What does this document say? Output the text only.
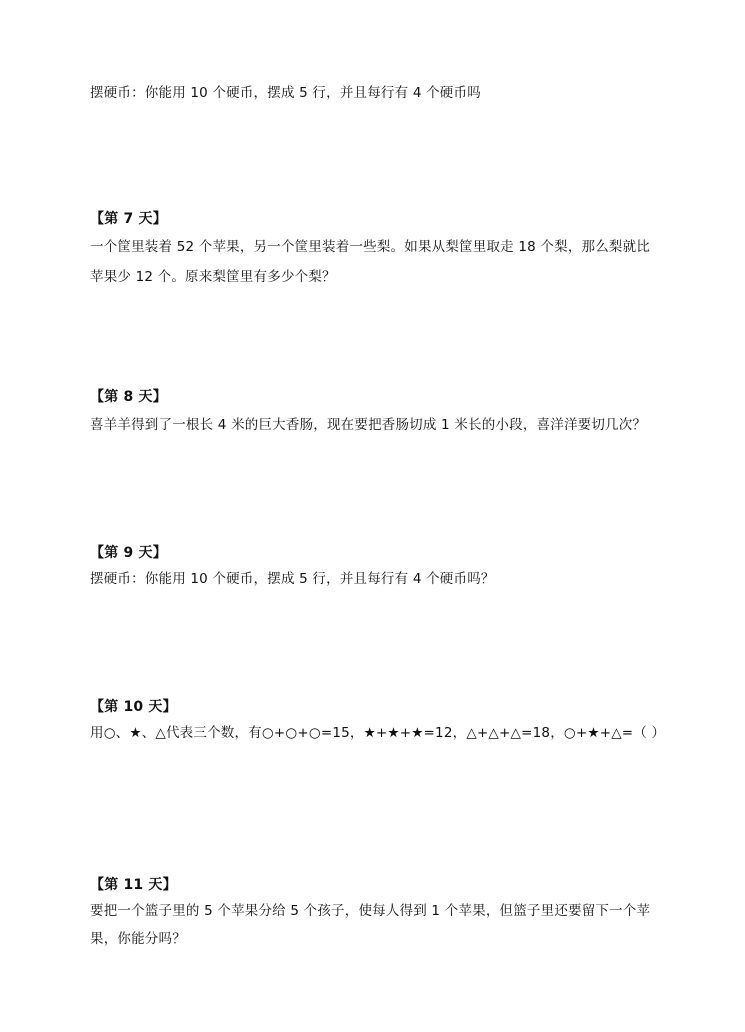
摆硬币：你能用 10 个硬币，摆成 5 行，并且每行有 4 个硬币吗
【第 7 天】
一个筐里装着 52 个苹果，另一个筐里装着一些梨。如果从梨筐里取走 18 个梨，那么梨就比
苹果少 12 个。原来梨筐里有多少个梨？
【第 8 天】
喜羊羊得到了一根长 4 米的巨大香肠，现在要把香肠切成 1 米长的小段，喜洋洋要切几次？
【第 9 天】
摆硬币：你能用 10 个硬币，摆成 5 行，并且每行有 4 个硬币吗？
【第 10 天】
用○、★、△代表三个数，有○+○+○=15，★+★+★=12，△+△+△=18，○+★+△=（ ）
【第 11 天】
要把一个篮子里的 5 个苹果分给 5 个孩子，使每人得到 1 个苹果，但篮子里还要留下一个苹
果，你能分吗？
